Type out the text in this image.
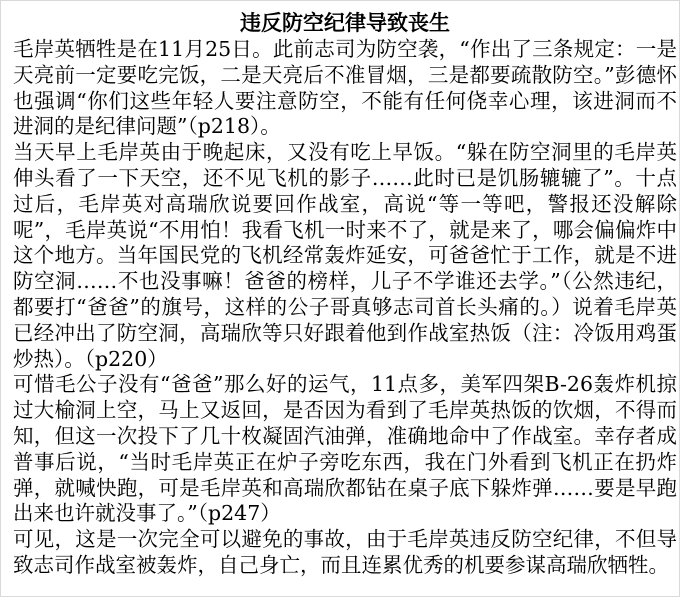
违反防空纪律导致丧生

毛岸英牺牲是在11月25日。此前志司为防空袭，“作出了三条规定：一是天亮前一定要吃完饭，二是天亮后不准冒烟，三是都要疏散防空。”彭德怀也强调“你们这些年轻人要注意防空，不能有任何侥幸心理，该进洞而不进洞的是纪律问题”（p218）。

当天早上毛岸英由于晚起床，又没有吃上早饭。“躲在防空洞里的毛岸英伸头看了一下天空，还不见飞机的影子……此时已是饥肠辘辘了”。十点过后，毛岸英对高瑞欣说要回作战室，高说“等一等吧，警报还没解除呢”，毛岸英说“不用怕！我看飞机一时来不了，就是来了，哪会偏偏炸中这个地方。当年国民党的飞机经常轰炸延安，可爸爸忙于工作，就是不进防空洞……不也没事嘛！爸爸的榜样，儿子不学谁还去学。”（公然违纪，都要打“爸爸”的旗号，这样的公子哥真够志司首长头痛的。）说着毛岸英已经冲出了防空洞，高瑞欣等只好跟着他到作战室热饭（注：冷饭用鸡蛋炒热）。（p220）

可惜毛公子没有“爸爸”那么好的运气，11点多，美军四架B-26轰炸机掠过大榆洞上空，马上又返回，是否因为看到了毛岸英热饭的饮烟，不得而知，但这一次投下了几十枚凝固汽油弹，准确地命中了作战室。幸存者成普事后说，“当时毛岸英正在炉子旁吃东西，我在门外看到飞机正在扔炸弹，就喊快跑，可是毛岸英和高瑞欣都钻在桌子底下躲炸弹……要是早跑出来也许就没事了。”（p247）

可见，这是一次完全可以避免的事故，由于毛岸英违反防空纪律，不但导致志司作战室被轰炸，自己身亡，而且连累优秀的机要参谋高瑞欣牺牲。
